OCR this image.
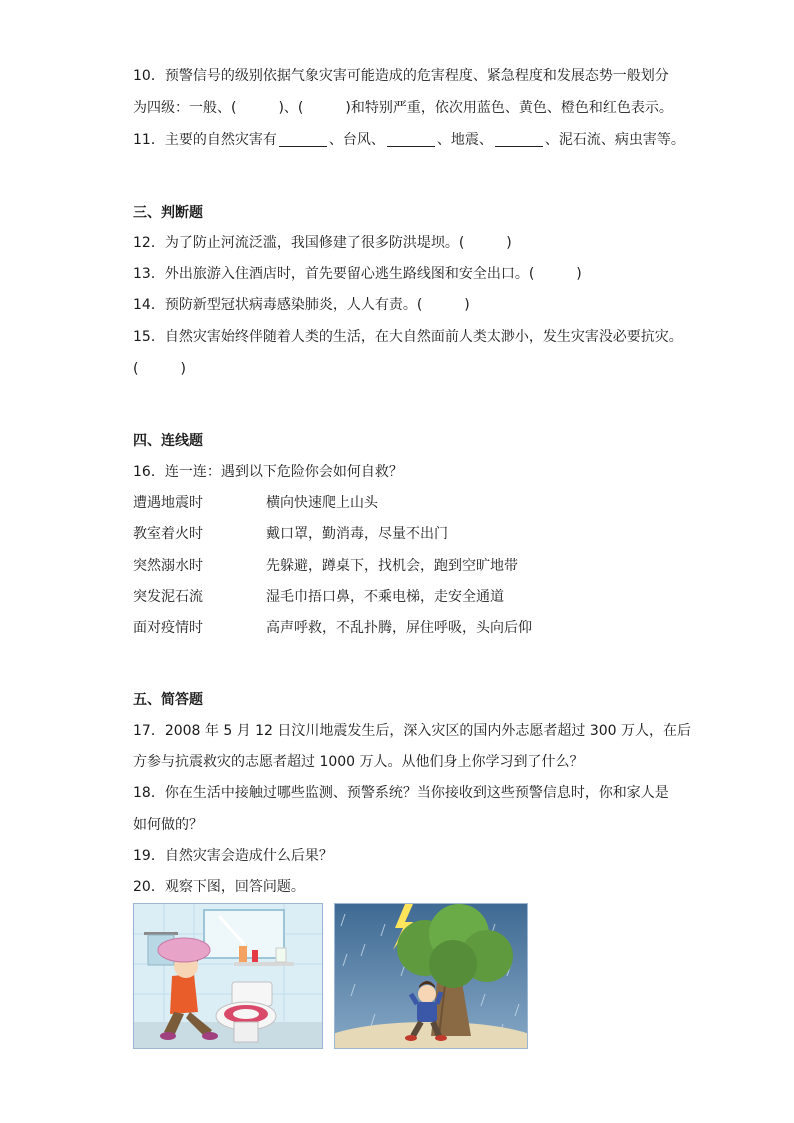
10．预警信号的级别依据气象灾害可能造成的危害程度、紧急程度和发展态势一般划分
为四级：一般、(　　　)、(　　　)和特别严重，依次用蓝色、黄色、橙色和红色表示。
11．主要的自然灾害有	、台风、	、地震、	、泥石流、病虫害等。
三、判断题
12．为了防止河流泛滥，我国修建了很多防洪堤坝。(　　　)
13．外出旅游入住酒店时，首先要留心逃生路线图和安全出口。(　　　)
14．预防新型冠状病毒感染肺炎，人人有责。(　　　)
15．自然灾害始终伴随着人类的生活，在大自然面前人类太渺小，发生灾害没必要抗灾。
(　　　)
四、连线题
16．连一连：遇到以下危险你会如何自救？
遭遇地震时	横向快速爬上山头
教室着火时	戴口罩，勤消毒，尽量不出门
突然溺水时	先躲避，蹲桌下，找机会，跑到空旷地带
突发泥石流	湿毛巾捂口鼻，不乘电梯，走安全通道
面对疫情时	高声呼救，不乱扑腾，屏住呼吸，头向后仰
五、简答题
17．2008 年 5 月 12 日汶川地震发生后，深入灾区的国内外志愿者超过 300 万人，在后
方参与抗震救灾的志愿者超过 1000 万人。从他们身上你学习到了什么？
18．你在生活中接触过哪些监测、预警系统？当你接收到这些预警信息时，你和家人是
如何做的？
19．自然灾害会造成什么后果？
20．观察下图，回答问题。
